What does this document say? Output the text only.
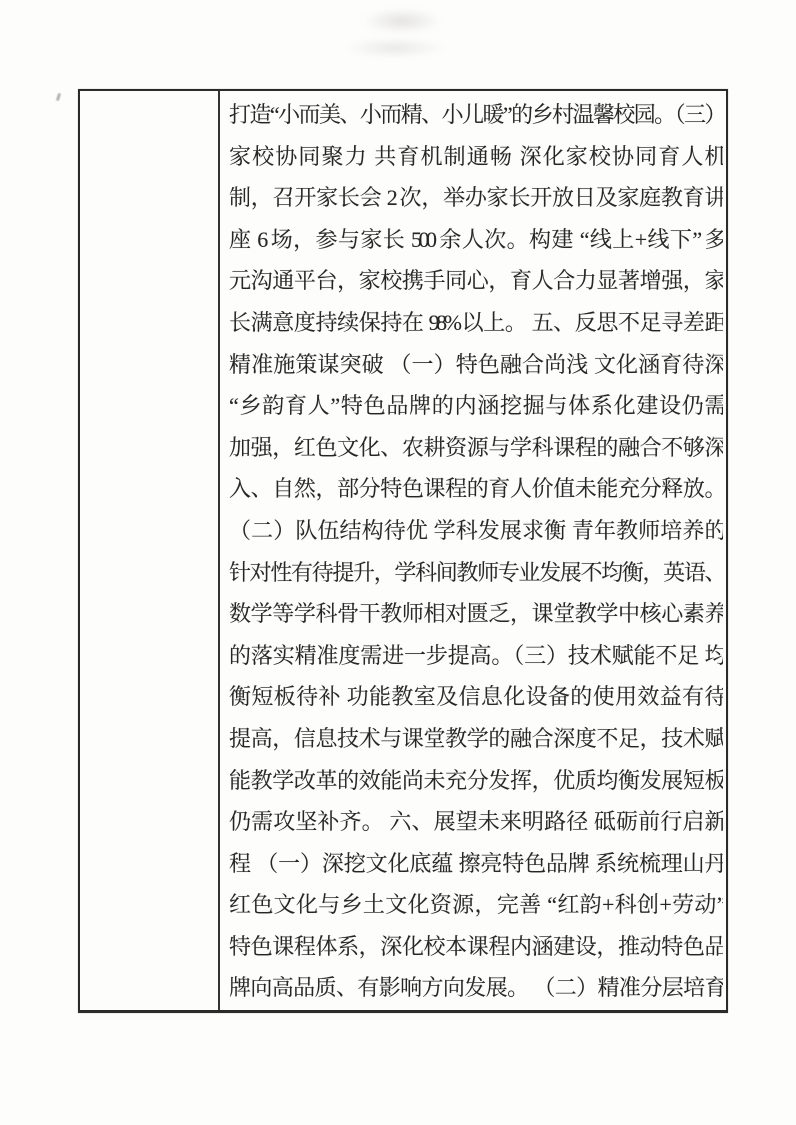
打造“小而美、小而精、小儿暖”的乡村温馨校园。（三）
家校协同聚力 共育机制通畅 深化家校协同育人机
制，召开家长会 2 次，举办家长开放日及家庭教育讲
座 6 场，参与家长 500 余人次。构建 “线上+线下” 多
元沟通平台，家校携手同心，育人合力显著增强，家
长满意度持续保持在 98%以上。 五、反思不足寻差距
精准施策谋突破 （一）特色融合尚浅 文化涵育待深
“乡韵育人”特色品牌的内涵挖掘与体系化建设仍需
加强，红色文化、农耕资源与学科课程的融合不够深
入、自然，部分特色课程的育人价值未能充分释放。
（二）队伍结构待优 学科发展求衡 青年教师培养的
针对性有待提升，学科间教师专业发展不均衡，英语、
数学等学科骨干教师相对匮乏，课堂教学中核心素养
的落实精准度需进一步提高。（三）技术赋能不足 均
衡短板待补 功能教室及信息化设备的使用效益有待
提高，信息技术与课堂教学的融合深度不足，技术赋
能教学改革的效能尚未充分发挥，优质均衡发展短板
仍需攻坚补齐。 六、展望未来明路径 砥砺前行启新
程 （一）深挖文化底蕴 擦亮特色品牌 系统梳理山丹
红色文化与乡土文化资源，完善 “红韵+科创+劳动”
特色课程体系，深化校本课程内涵建设，推动特色品
牌向高品质、有影响方向发展。 （二）精准分层培育
